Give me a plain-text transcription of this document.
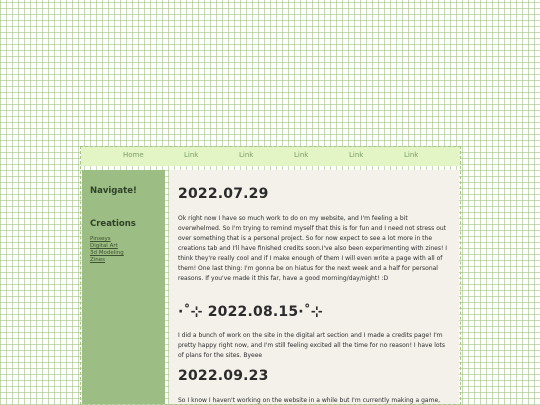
Home	Link	Link	Link	Link	Link
Navigate!
Creations
Pinseys
Digital Art
3d Modeling
Zines
2022.07.29

Ok right now I have so much work to do on my website, and I'm feeling a bit overwhelmed. So I'm trying to remind myself that this is for fun and I need not stress out over something that is a personal project. So for now expect to see a lot more in the creations tab and I'll have finished credits soon.I've also been experimenting with zines! I think they're really cool and if I make enough of them I will even write a page with all of them! One last thing: I'm gonna be on hiatus for the next week and a half for personal reasons. If you've made it this far, have a good morning/day/night! :D

·˚⊹ 2022.08.15·˚⊹

I did a bunch of work on the site in the digital art section and I made a credits page! I'm pretty happy right now, and I'm still feeling excited all the time for no reason! I have lots of plans for the sites. Byeee

2022.09.23

So I know I haven't working on the website in a while but I'm currently making a game,
